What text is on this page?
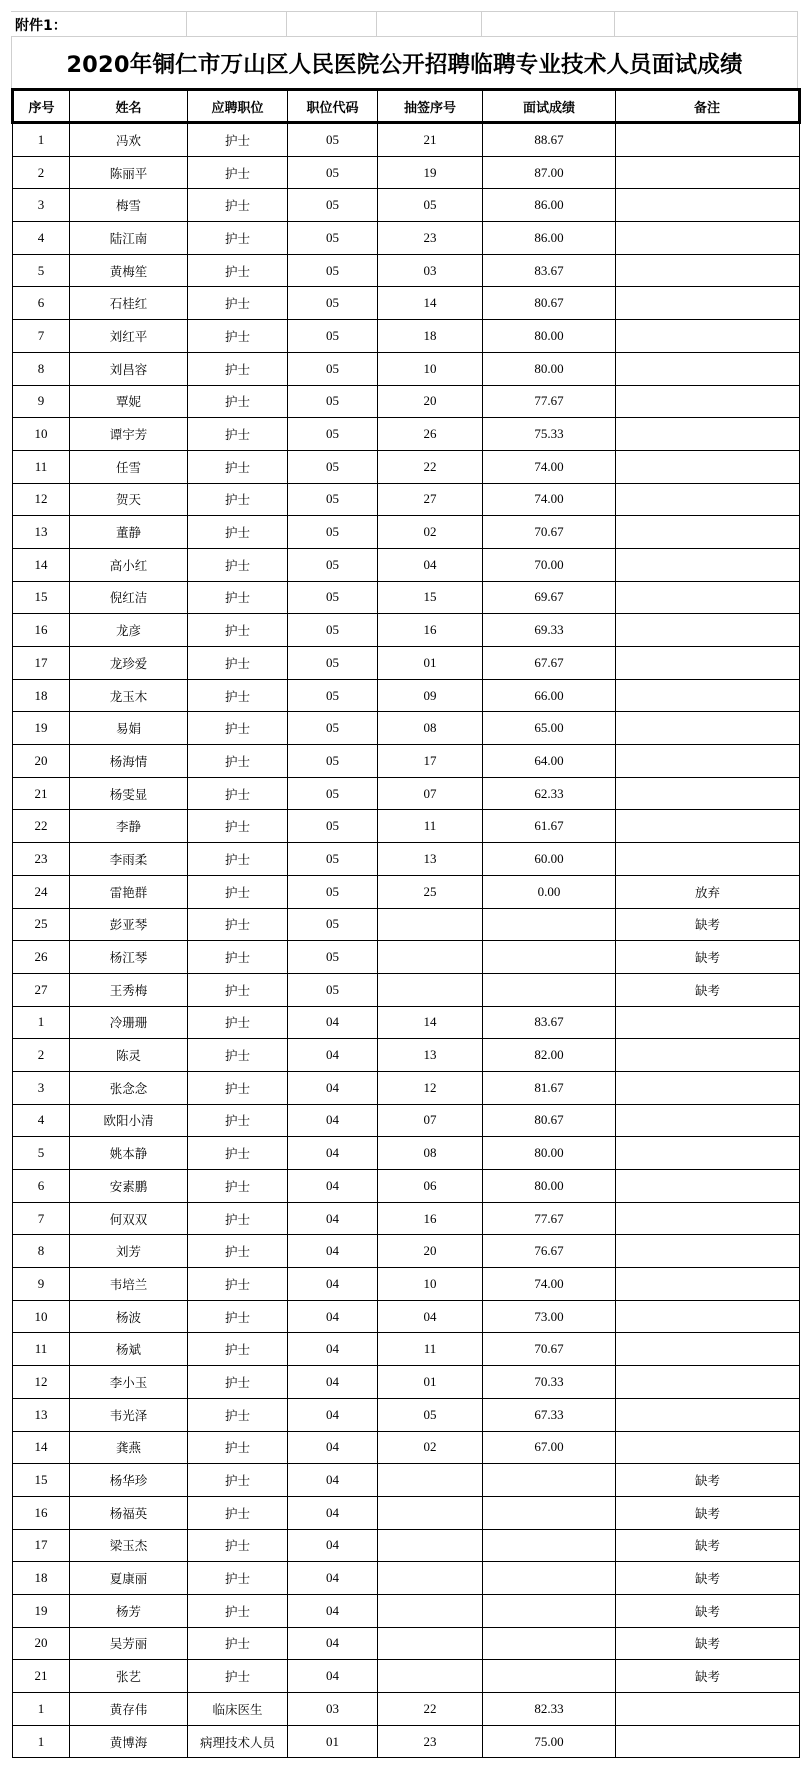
附件1：
2020年铜仁市万山区人民医院公开招聘临聘专业技术人员面试成绩
序号	姓名	应聘职位	职位代码	抽签序号	面试成绩	备注
1	冯欢	护士	05	21	88.67	
2	陈丽平	护士	05	19	87.00	
3	梅雪	护士	05	05	86.00	
4	陆江南	护士	05	23	86.00	
5	黄梅笙	护士	05	03	83.67	
6	石桂红	护士	05	14	80.67	
7	刘红平	护士	05	18	80.00	
8	刘昌容	护士	05	10	80.00	
9	覃妮	护士	05	20	77.67	
10	谭宇芳	护士	05	26	75.33	
11	任雪	护士	05	22	74.00	
12	贺天	护士	05	27	74.00	
13	董静	护士	05	02	70.67	
14	高小红	护士	05	04	70.00	
15	倪红洁	护士	05	15	69.67	
16	龙彦	护士	05	16	69.33	
17	龙珍爱	护士	05	01	67.67	
18	龙玉木	护士	05	09	66.00	
19	易娟	护士	05	08	65.00	
20	杨海情	护士	05	17	64.00	
21	杨雯显	护士	05	07	62.33	
22	李静	护士	05	11	61.67	
23	李雨柔	护士	05	13	60.00	
24	雷艳群	护士	05	25	0.00	放弃
25	彭亚琴	护士	05			缺考
26	杨江琴	护士	05			缺考
27	王秀梅	护士	05			缺考
1	冷珊珊	护士	04	14	83.67	
2	陈灵	护士	04	13	82.00	
3	张念念	护士	04	12	81.67	
4	欧阳小清	护士	04	07	80.67	
5	姚本静	护士	04	08	80.00	
6	安素鹏	护士	04	06	80.00	
7	何双双	护士	04	16	77.67	
8	刘芳	护士	04	20	76.67	
9	韦培兰	护士	04	10	74.00	
10	杨波	护士	04	04	73.00	
11	杨斌	护士	04	11	70.67	
12	李小玉	护士	04	01	70.33	
13	韦光泽	护士	04	05	67.33	
14	龚燕	护士	04	02	67.00	
15	杨华珍	护士	04			缺考
16	杨福英	护士	04			缺考
17	梁玉杰	护士	04			缺考
18	夏康丽	护士	04			缺考
19	杨芳	护士	04			缺考
20	吴芳丽	护士	04			缺考
21	张艺	护士	04			缺考
1	黄存伟	临床医生	03	22	82.33	
1	黄博海	病理技术人员	01	23	75.00	
